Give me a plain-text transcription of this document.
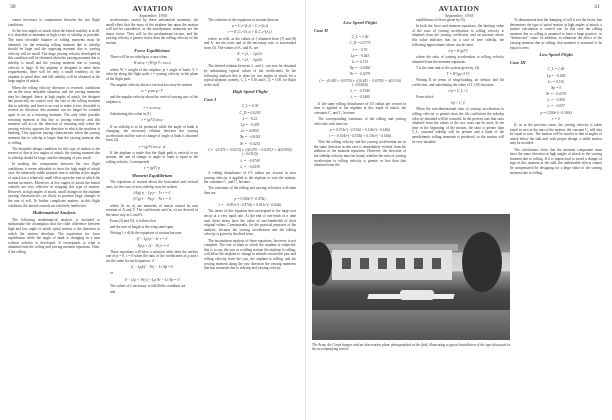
30	AVIATION
September, 1934

comes necessary to compromise between the two flight conditions.

At the low angles of attack when the lateral stability is at all, it is desirable to maintain as high a rate of sideslip as possible. The most favorable balance of rolling moments must be obtained, for the restoring rolling moment due to sideslip should be large and the opposing moment due to yawing velocity will be small. The large yawing velocity developed in this condition will be obtained when the yawing moment due to sideslip is small and the yawing moment due to yawing velocity is large. If the airplane is designed to meet these requirements, there will be only a small tendency of the airplane to spiral dive, and full stability will be obtained at the large angles of attack.

When the rolling velocity direction is reversed, conditions are in the most desirable situation, and the yawing moments may be changed. Since, at high angles of attack, the designer has practically no control over the size of the rolling moment due to sideslip, and there is no way to make it very desirable to reverse its direction, this moment can no longer be counted upon to act as a restoring moment. The only other possible restoring moment is that due to yawing velocity, and this moment will act in the direction of restoring only when the yawing velocity opposes the direction in which the machine is banking. This opposite yawing characteristic when the yawing moment due to sideslip is larger than the yawing moment due to rolling.

The desirable design condition for this type of motion is the reverse of that at low angles of attack: the yawing moment due to sideslip should be large, and the damping of yaw small.

In making the compromise between the two flight conditions, it seems advisable to favor the high angle of attack case. An inherently stable airplane, due to sideslip at low angles of attack has a relatively small effect upon the rate at which the motion increases. Moreover, at low angles of attack the lateral controls are very effective in stopping this type of motion. However, at high angles of attack, small changes in the airplane yawing characteristics are likely to produce large changes in the rate of roll. To further complicate matters, in this flight condition, the lateral controls are relatively ineffective.

Mathematical Analysis

The following mathematical analysis is included to substantiate the assumption that the chief difference between high and low angle of attack spiral motion is the direction in which the motion develops. The expression for force equilibrium while the angle of bank is changing in a turn without velocity is developed. It corresponds to what is obtained from the rolling and yawing moment equations. Then, if the rolling

accelerations caused by these unbalanced moments, the small effect that the mass of the airplane has upon the motion will not be considered, as the aerodynamic moments are the major factor. They will be the predominant factors, and the yawing velocity a greater factor than the rolling velocity of the motion.

Force Equilibrium

There will be no sideslip in a turn when

W sin φ = (W/g) V r cos φ

where W = weight of the airplane; φ = angle of bank; V = velocity along the flight path; r = yawing velocity in the plane of the flight path.

The angular velocity about a vertical axis may be written

ω = g tan φ / V

and the angular velocity about the vertical yawing axis of the airplane is

r = ω cos φ

Substituting this value in (1)

r = (g/V) sin φ

If no sideslip is to be produced while the angle of bank is changing, the necessary relation between the yawing acceleration and the rate of change of angle of bank is obtained from (2)

ṙ = (g/V) cos φ · φ̇

If the airplane is made that the flight path is vertical or no motion, the rate of change of angle of bank is equal to the rolling velocity. Consequently

ṙ = (g/V) p
Moment Equilibrium

The equations of motion about the horizontal and vertical axes, for the case of zero sideslip, may be written

(A/g) ṗ − Lp p − Lr r = 0
(C/g) ṙ − Np p − Nr r = 0

where (b, m, n) are moments of inertia caused by unit rotation of X and Y. The coefficients and (m, n) are derived in the same way as L and N.

From (3) and (5), it follows that

and the unit of length is the wing semi-span.

Writing ζ = dζ/dt the equations of motion become

(ζ − Lp) p − Lr r = 0
−Np p + (ζ − Nr) r = 0

These equations will have a solution other than the useless one of p = 0, r = 0 when the ratio of the coefficients of p and r are the same for each equation, if

(ζ − Lp)(ζ − Nr) − Lr Np = 0

or

ζ² − (Lp + Nr) ζ + Lp Nr − Lr Np = 0

The values of ζ necessary to fulfill this condition are

and

The solutions of the equations of motion then are

p = C₁e^(λ₁t) + C₂e^(λ₂t)
r = K₁C₁e^(λ₁t) + K₂C₂e^(λ₂t)

where, as well, as the values of ζ obtained from (7) and (8) and A₁ are the roots and of the necessary rate, is ascertained from (5). The values of K₁ and K₂ are

K₁ = (λ₁ − Lp)/Lr
K₂ = (λ₂ − Lp)/Lr

The desired relation between λ₁ and λ₂ can now be obtained by substituting typical values of the coefficients. In the following analysis this is done for two angles of attack for a typical airplane, namely, C_L = 0.30 and C_L = 1.00, for flight at the stall.

High Speed Flight
Case I
C_L = 0.30
C_D = 0.0250
λ = −9.22
Lp = −0.476
Lr = 0.0955
Np = −0.0110
Nr = −0.0215
ζ = −(0.476 + 0.0215) ± √((0.476 − 0.0215)² + 4(0.0955)(−0.0110))
λ₁ = −0.4740
λ₂ = −0.0239

A rolling disturbance of 0.5 radian per second in zero yawing velocity is applied to the airplane to start the motion, the constants C₁ and C₂ become

The variations of the rolling and yawing velocities with time then are

p = 0.500e^(−0.474t)
r = −0.001e^(−0.474t) + 0.013e^(−0.024t)

The terms of this equation that correspond to the large root decay at a very rapid rate. At the end of one-tenth of a time unit, these terms have the value of one-hundredth of their original values. Consequently, for the practical purposes of the analysis, because the yawing acceleration and the rolling velocity is given by the third term.

The inconsistent analysis of these equations, however, is not complete. The rate of bank to which the airplane is subjected, that is to say, the yaw at a rolling motion the airplane is rolling, will allow the airplane to change in attitude toward the yaw and rolling velocity from the yaw, the airplane is rolling, and the yawing moment along the yaw direction the yawing moments that has moments due to sideslip and yawing velocity.

AVIATION
September, 1934
31
Low Speed Flight
Case II
C_L = 1.00
C_D = 0.0775
λ = −5.76
Lp = −0.443
Lr = 0.310
Np = −0.0450
Nr = −0.0370
ζ = −(0.443 + 0.0370) ± √((0.443 − 0.0370)² + 4(0.310)(−0.0450))
λ₁ = −0.3340
λ₂ = −0.1460

If the same rolling disturbance of 0.5 radian per second in time is applied to the airplane at this angle of attack, the constants C₁ and C₂ become

The corresponding variations of the rolling and yawing velocities with time are

p = 0.374e^(−0.334t) + 0.126e^(−0.146t)
r = −0.104e^(−0.334t) + 0.116e^(−0.146t)

That the rolling velocity and the yawing acceleration are in the same direction in this case is immediately evident from the addition of the moment equations. However, the direction of the sideslip velocity must be found, whether the ratio of yawing acceleration to rolling velocity is greater or less than that obtained from the

equilibrium of forces given by (3).

In both the force and moment equations, the limiting value of the ratio of yawing acceleration to rolling velocity is obtained from the yawing coefficient, and an increase above this value indicates that for a case of zero sideslip, the following approximate values can be used.

ṙ/p = K (g/V)

where the ratio of yawing acceleration to rolling velocity obtained from the moment equations.

T is the time unit of the system given by (4).

T = W/(g ρ S V)

Writing K in terms of wing-loading, air density and lift coefficient, and substituting the value of T, (10) becomes

ṙ/p = C_L / 2

From which

ṙ/p > C_L

When the non-dimensional ratio of yawing acceleration to rolling velocity is greater than the lift coefficient the sideslip velocity obtained will be outward. In the present case that ratio obtained from the values of the two roots can be used. At the time in the beginning of the motion, the ratio is greater than C_L, outward sideslip will be present and a bank of the aerodynamic rolling moments is produced, so the motion will be very unstable.

To demonstrate that the damping of roll is not the factor that determines the type of spiral motion at high angles of attack, a further calculation is carried out. In this case the rolling moment due to rolling is assumed to have a large positive, or "destructive" value. In addition, to eliminate the effect of the yawing moment due to rolling, that moment is assumed to be equal to zero.

Low Speed Flight
Case III
C_L = 1.00
Lp = −0.500
Lr = 0.310
Np = 0
Nr = −0.0370
λ₁ = −0.500
λ₂ = −0.037
p = 0.500e^(−0.500t)
r = 0

If, as in the previous cases, the yawing velocity is taken equal to zero at the start of the motion, the constant C₂ will also be equal to zero. The motion will be similar to that at angles of attack below the stall and, with proper design, a stable motion may be avoided.

The calculations show that the moment component must have the same direction at high angles of attack as the yawing moment due to rolling. If it is impractical to avoid a change of sign of this moment at the stall, the undesirable effects cannot be compensated by designing for a large value of the yawing moment due to rolling.

The Army Air Corps hangar and an observation plane photographed at the field, illustrating a typical installation of the type discussed in the accompanying article.
